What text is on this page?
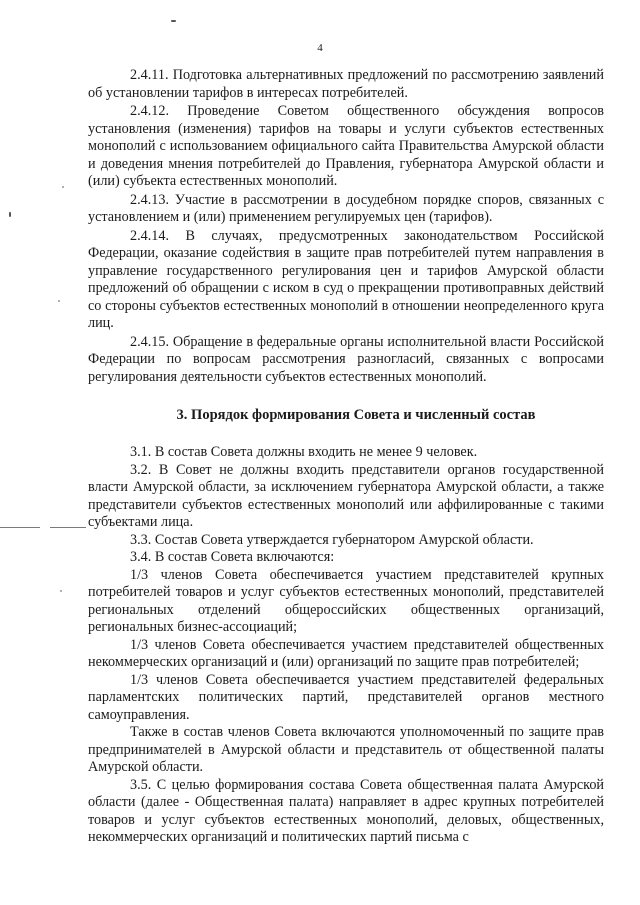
4

2.4.11. Подготовка альтернативных предложений по рассмотрению заявлений об установлении тарифов в интересах потребителей.

2.4.12. Проведение Советом общественного обсуждения вопросов установления (изменения) тарифов на товары и услуги субъектов естественных монополий с использованием официального сайта Правительства Амурской области и доведения мнения потребителей до Правления, губернатора Амурской области и (или) субъекта естественных монополий.

2.4.13. Участие в рассмотрении в досудебном порядке споров, связанных с установлением и (или) применением регулируемых цен (тарифов).

2.4.14. В случаях, предусмотренных законодательством Российской Федерации, оказание содействия в защите прав потребителей путем направления в управление государственного регулирования цен и тарифов Амурской области предложений об обращении с иском в суд о прекращении противоправных действий со стороны субъектов естественных монополий в отношении неопределенного круга лиц.

2.4.15. Обращение в федеральные органы исполнительной власти Российской Федерации по вопросам рассмотрения разногласий, связанных с вопросами регулирования деятельности субъектов естественных монополий.

3. Порядок формирования Совета и численный состав

3.1. В состав Совета должны входить не менее 9 человек.

3.2. В Совет не должны входить представители органов государственной власти Амурской области, за исключением губернатора Амурской области, а также представители субъектов естественных монополий или аффилированные с такими субъектами лица.

3.3. Состав Совета утверждается губернатором Амурской области.

3.4. В состав Совета включаются:

1/3 членов Совета обеспечивается участием представителей крупных потребителей товаров и услуг субъектов естественных монополий, представителей региональных отделений общероссийских общественных организаций, региональных бизнес-ассоциаций;

1/3 членов Совета обеспечивается участием представителей общественных некоммерческих организаций и (или) организаций по защите прав потребителей;

1/3 членов Совета обеспечивается участием представителей федеральных парламентских политических партий, представителей органов местного самоуправления.

Также в состав членов Совета включаются уполномоченный по защите прав предпринимателей в Амурской области и представитель от общественной палаты Амурской области.

3.5. С целью формирования состава Совета общественная палата Амурской области (далее - Общественная палата) направляет в адрес крупных потребителей товаров и услуг субъектов естественных монополий, деловых, общественных, некоммерческих организаций и политических партий письма с
